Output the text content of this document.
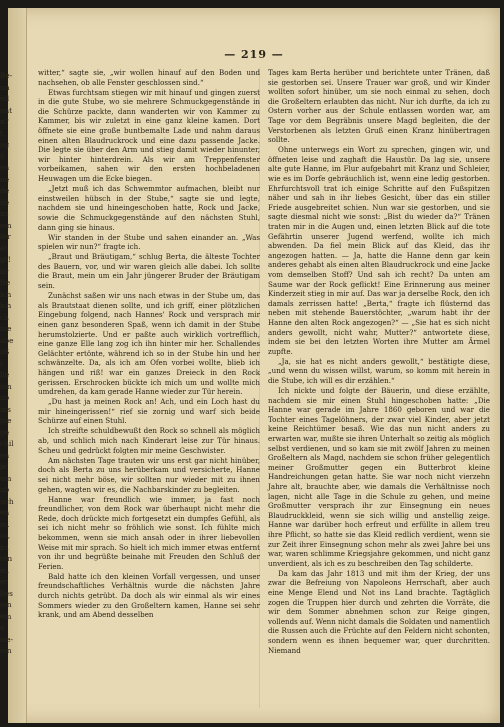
Be-
un
eil
ent
n?
t.
ag
S
en
ne
de
de
ns
ein
fer
et
gt!
hr
fte
ich
ich
ch
ine
abe
aß
t
lle
oin
ab
ins
ine
ge
chil
en
ie
em
ab
uch
en
m.
ut,
zu
ten
ei.
er
lles
ein
em
n
zie-
ien
— 219 —

witter,“ sagte sie, „wir wollen hinauf auf den Boden und nachsehen, ob alle Fenster geschlossen sind.“

Etwas furchtsam stiegen wir mit hinauf und gingen zuerst in die gute Stube, wo sie mehrere Schmuckgegenstände in die Schürze packte, dann wanderten wir von Kammer zu Kammer, bis wir zuletzt in eine ganz kleine kamen. Dort öffnete sie eine große buntbemalte Lade und nahm daraus einen alten Blaudruckrock und eine dazu passende Jacke. Die legte sie über den Arm und stieg damit wieder hinunter, wir hinter hinterdrein. Als wir am Treppenfenster vorbeikamen, sahen wir den ersten hochbeladenen Heuwagen um die Ecke biegen.

„Jetzt muß ich das Schwemmtor aufmachen, bleibt nur einstweilen hübsch in der Stube,“ sagte sie und legte, nachdem sie und hineingeschoben hatte, Rock und Jacke, sowie die Schmuckgegenstände auf den nächsten Stuhl, dann ging sie hinaus.

Wir standen in der Stube und sahen einander an. „Was spielen wir nun?“ fragte ich.

„Braut und Bräutigam,“ schlug Berta, die älteste Tochter des Bauern, vor, und wir waren gleich alle dabei. Ich sollte die Braut, mein um ein Jahr jüngerer Bruder der Bräutigam sein.

Zunächst saßen wir uns nach etwas in der Stube um, das als Brautstaat dienen sollte, und ich griff, einer plötzlichen Eingebung folgend, nach Hannes' Rock und versprach mir einen ganz besonderen Spaß, wenn ich damit in der Stube herumstolzierte. Und er paßte auch wirklich vortrefflich, eine ganze Elle lang zog ich ihn hinter mir her. Schallendes Gelächter ertönte, während ich so in der Stube hin und her schwänzelte. Da, als ich am Ofen vorbei wollte, blieb ich hängen und riß! war ein ganzes Dreieck in den Rock gerissen. Erschrocken bückte ich mich um und wollte mich umdrehen, da kam gerade Hanne wieder zur Tür herein.

„Du hast ja meinen Rock an! Ach, und ein Loch hast du mir hineingerissen!“ rief sie zornig und warf sich beide Schürze auf einen Stuhl.

Ich streifte schuldbewußt den Rock so schnell als möglich ab, und schlich mich nach Kinderart leise zur Tür hinaus. Scheu und gedrückt folgten mir meine Geschwister.

Am nächsten Tage trauten wir uns erst gar nicht hinüber, doch als Berta zu uns herüberkam und versicherte, Hanne sei nicht mehr böse, wir sollten nur wieder mit zu ihnen gehen, wagten wir es, die Nachbarskinder zu begleiten.

Hanne war freundlich wie immer, ja fast noch freundlicher, von dem Rock war überhaupt nicht mehr die Rede, doch drückte mich fortgesetzt ein dumpfes Gefühl, als sei ich nicht mehr so fröhlich wie sonst. Ich fühlte mich bekommen, wenn sie mich ansah oder in ihrer liebevollen Weise mit mir sprach. So hielt ich mich immer etwas entfernt von ihr und begrüßte beinahe mit Freuden den Schluß der Ferien.

Bald hatte ich den kleinen Vorfall vergessen, und unser freundschaftliches Verhältnis wurde die nächsten Jahre durch nichts getrübt. Da doch als wir einmal als wir eines Sommers wieder zu den Großeltern kamen, Hanne sei sehr krank, und am Abend desselben

Tages kam Berta herüber und berichtete unter Tränen, daß sie gestorben sei. Unsere Trauer war groß, und wir Kinder wollten sofort hinüber, um sie noch einmal zu sehen, doch die Großeltern erlaubten das nicht. Nur ich durfte, da ich zu Ostern vorher aus der Schule entlassen worden war, am Tage vor dem Begräbnis unsere Magd begleiten, die der Verstorbenen als letzten Gruß einen Kranz hinübertragen sollte.

Ohne unterwegs ein Wort zu sprechen, gingen wir, und öffneten leise und zaghaft die Haustür. Da lag sie, unsere alte gute Hanne, im Flur aufgebahrt mit Kranz und Schleier, wie es im Dorfe gebräuchlich ist, wenn eine ledig gestorben. Ehrfurchtsvoll trat ich einige Schritte auf den Fußspitzen näher und sah in ihr liebes Gesicht, über das ein stiller Friede ausgebreitet schien. Nun war sie gestorben, und sie sagte diesmal nicht wie sonst: „Bist du wieder da?“ Tränen traten mir in die Augen und, einen letzten Blick auf die tote Gefährtin unserer Jugend werfend, wollte ich mich abwenden. Da fiel mein Blick auf das Kleid, das ihr angezogen hatten. — Ja, hatte die Hanne denn gar kein anderes gehabt als einen alten Blaudruckrock und eine Jacke vom demselben Stoff? Und sah ich recht? Da unten am Saume war der Rock geflickt! Eine Erinnerung aus meiner Kinderzeit stieg in mir auf. Das war ja derselbe Rock, den ich damals zerrissen hatte! „Berta,“ fragte ich flüsternd das neben mit stehende Bauerstöchter, „warum habt ihr der Hanne den alten Rock angezogen?“ — „Sie hat es sich nicht anders gewollt, nicht wahr, Mutter?“ antwortete diese, indem sie bei den letzten Worten ihre Mutter am Ärmel zupfte.

„Ja, sie hat es nicht anders gewollt,“ bestätigte diese, „und wenn du wissen willst, warum, so komm mit herein in die Stube, ich will es dir erzählen.“

Ich nickte und folgte der Bäuerin, und diese erzählte, nachdem sie mir einen Stuhl hingeschoben hatte: „Die Hanne war gerade im Jahre 1860 geboren und war die Tochter eines Tagelöhners, der zwar viel Kinder, aber jetzt keine Reichtümer besaß. Wie das nun nicht anders zu erwarten war, mußte sie ihren Unterhalt so zeitig als möglich selbst verdienen, und so kam sie mit zwölf Jahren zu meinen Großeltern als Magd, nachdem sie schon früher gelegentlich meiner Großmutter gegen ein Butterbrot kleine Handreichungen getan hatte. Sie war noch nicht vierzehn Jahre alt, brauchte aber, wie damals die Verhältnisse noch lagen, nicht alle Tage in die Schule zu gehen, und meine Großmutter versprach ihr zur Einsegnung ein neues Blaudruckkleid, wenn sie sich willig und anstellig zeige. Hanne war darüber hoch erfreut und erfüllte in allem treu ihre Pflicht, so hatte sie das Kleid redlich verdient, wenn sie zur Zeit ihrer Einsegnung schon mehr als zwei Jahre bei uns war, waren schlimme Kriegsjahre gekommen, und nicht ganz unverdient, als ich es zu beschreiben den Tag schilderte.

Da kam das Jahr 1813 und mit ihm der Krieg, der uns zwar die Befreiung von Napoleons Herrschaft, aber auch eine Menge Elend und Not ins Land brachte. Tagtäglich zogen die Truppen hier durch und zehrten die Vorräte, die wir dem Sommer abnehmen schon zur Reige gingen, vollends auf. Wenn nicht damals die Soldaten und namentlich die Russen auch die Früchte auf den Feldern nicht schonten, sondern wenn es ihnen bequemer war, quer durchritten. Niemand
